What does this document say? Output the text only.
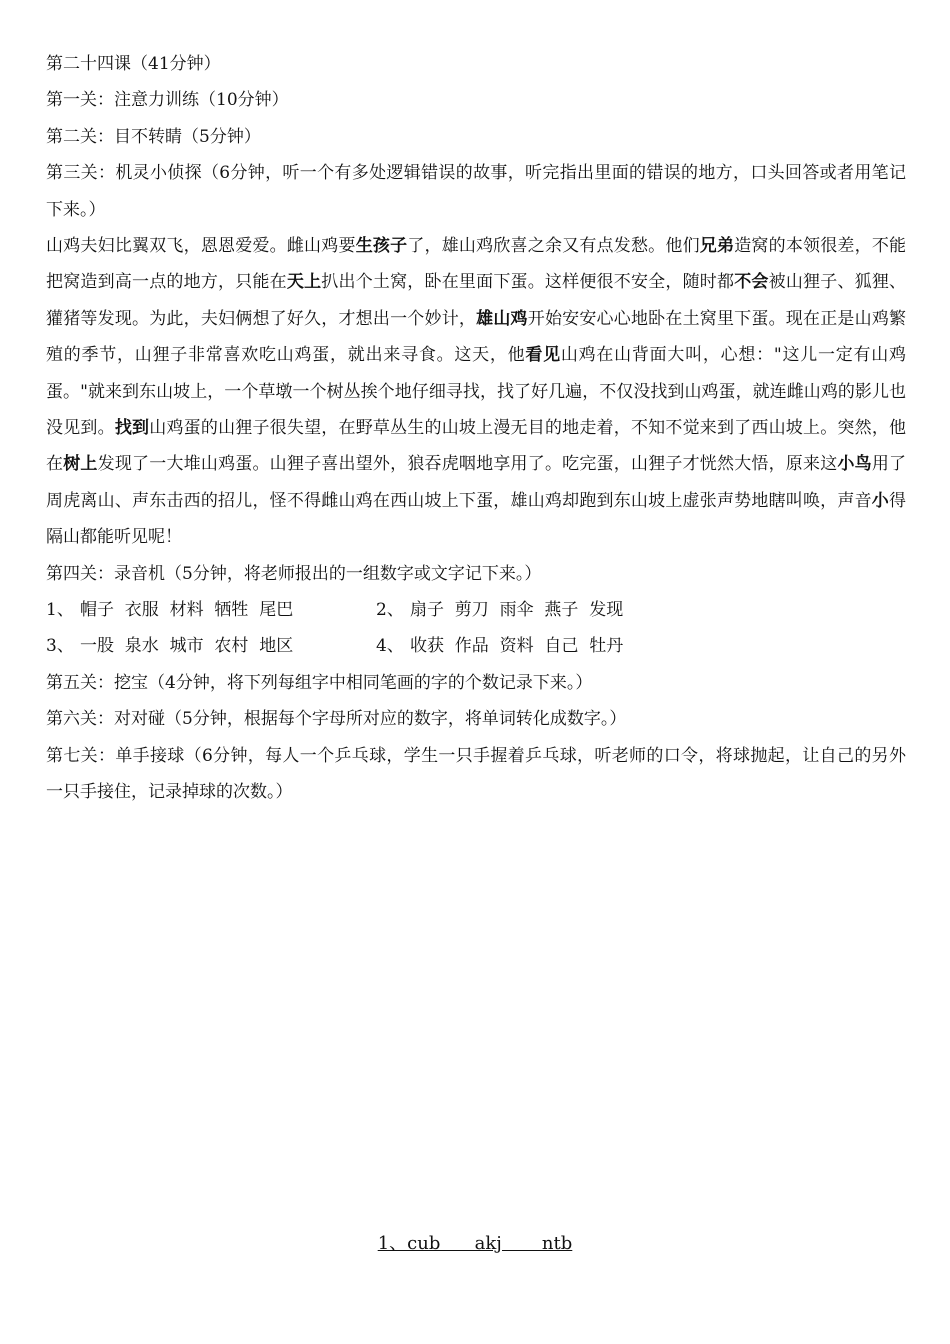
第二十四课（41分钟）
第一关：注意力训练（10分钟）
第二关：目不转睛（5分钟）
第三关：机灵小侦探（6分钟，听一个有多处逻辑错误的故事，听完指出里面的错误的地方，口头回答或者用笔记下来。）
山鸡夫妇比翼双飞，恩恩爱爱。雌山鸡要生孩子了，雄山鸡欣喜之余又有点发愁。他们兄弟造窝的本领很差，不能把窝造到高一点的地方，只能在天上扒出个土窝，卧在里面下蛋。这样便很不安全，随时都不会被山狸子、狐狸、獾猪等发现。为此，夫妇俩想了好久，才想出一个妙计，雄山鸡开始安安心心地卧在土窝里下蛋。现在正是山鸡繁殖的季节，山狸子非常喜欢吃山鸡蛋，就出来寻食。这天，他看见山鸡在山背面大叫，心想："这儿一定有山鸡蛋。"就来到东山坡上，一个草墩一个树丛挨个地仔细寻找，找了好几遍，不仅没找到山鸡蛋，就连雌山鸡的影儿也没见到。找到山鸡蛋的山狸子很失望，在野草丛生的山坡上漫无目的地走着，不知不觉来到了西山坡上。突然，他在树上发现了一大堆山鸡蛋。山狸子喜出望外，狼吞虎咽地享用了。吃完蛋，山狸子才恍然大悟，原来这小鸟用了周虎离山、声东击西的招儿，怪不得雌山鸡在西山坡上下蛋，雄山鸡却跑到东山坡上虚张声势地瞎叫唤，声音小得隔山都能听见呢！
第四关：录音机（5分钟，将老师报出的一组数字或文字记下来。）
1、 帽子  衣服  材料  牺牲  尾巴	2、 扇子  剪刀  雨伞  燕子  发现
3、 一股  泉水  城市  农村  地区	4、 收获  作品  资料  自己  牡丹
第五关：挖宝（4分钟，将下列每组字中相同笔画的字的个数记录下来。）
第六关：对对碰（5分钟，根据每个字母所对应的数字，将单词转化成数字。）
第七关：单手接球（6分钟，每人一个乒乓球，学生一只手握着乒乓球，听老师的口令，将球抛起，让自己的另外一只手接住，记录掉球的次数。）
1、cub      akj       ntb
